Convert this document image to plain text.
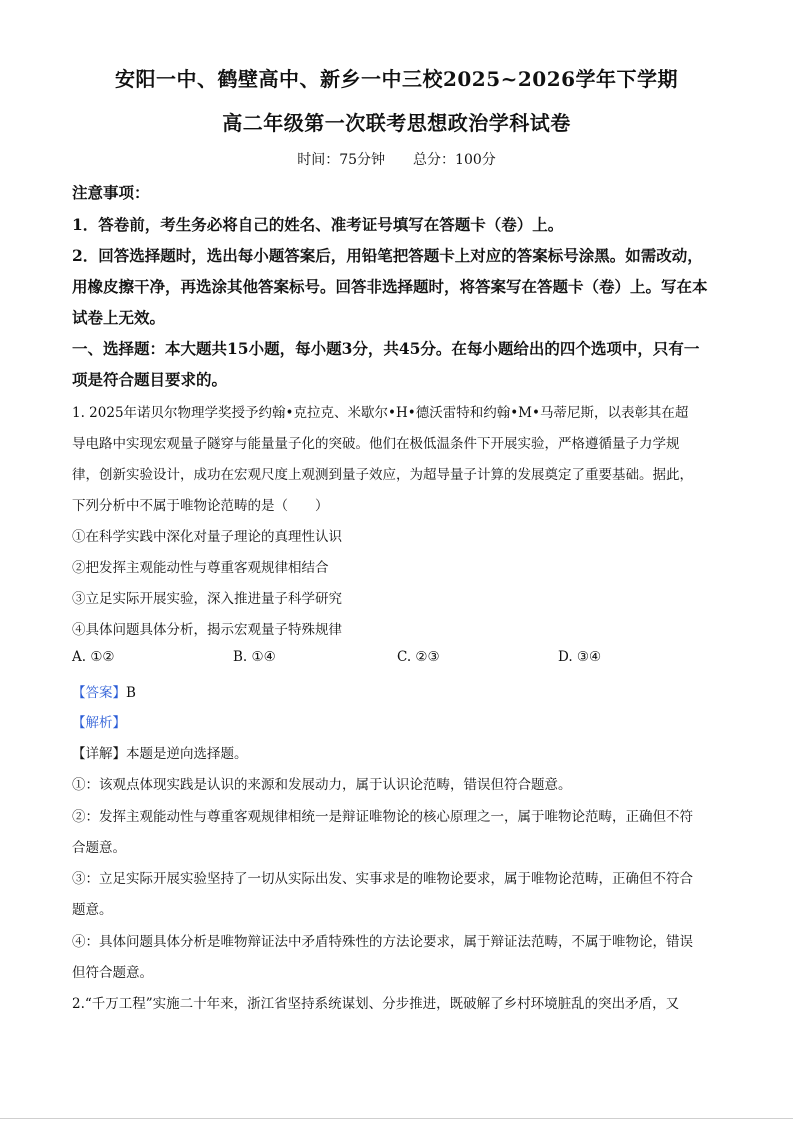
安阳一中、鹤壁高中、新乡一中三校2025~2026学年下学期
高二年级第一次联考思想政治学科试卷
时间：75分钟 总分：100分
注意事项：
1．答卷前，考生务必将自己的姓名、准考证号填写在答题卡（卷）上。
2．回答选择题时，选出每小题答案后，用铅笔把答题卡上对应的答案标号涂黑。如需改动，
用橡皮擦干净，再选涂其他答案标号。回答非选择题时，将答案写在答题卡（卷）上。写在本
试卷上无效。
一、选择题：本大题共15小题，每小题3分，共45分。在每小题给出的四个选项中，只有一
项是符合题目要求的。
1. 2025年诺贝尔物理学奖授予约翰•克拉克、米歇尔•H•德沃雷特和约翰•M•马蒂尼斯，以表彰其在超
导电路中实现宏观量子隧穿与能量量子化的突破。他们在极低温条件下开展实验，严格遵循量子力学规
律，创新实验设计，成功在宏观尺度上观测到量子效应，为超导量子计算的发展奠定了重要基础。据此，
下列分析中不属于唯物论范畴的是（　　）
①在科学实践中深化对量子理论的真理性认识
②把发挥主观能动性与尊重客观规律相结合
③立足实际开展实验，深入推进量子科学研究
④具体问题具体分析，揭示宏观量子特殊规律
A. ①②	B. ①④	C. ②③	D. ③④
【答案】B
【解析】
【详解】本题是逆向选择题。
①：该观点体现实践是认识的来源和发展动力，属于认识论范畴，错误但符合题意。
②：发挥主观能动性与尊重客观规律相统一是辩证唯物论的核心原理之一，属于唯物论范畴，正确但不符
合题意。
③：立足实际开展实验坚持了一切从实际出发、实事求是的唯物论要求，属于唯物论范畴，正确但不符合
题意。
④：具体问题具体分析是唯物辩证法中矛盾特殊性的方法论要求，属于辩证法范畴，不属于唯物论，错误
但符合题意。
2.“千万工程”实施二十年来，浙江省坚持系统谋划、分步推进，既破解了乡村环境脏乱的突出矛盾，又
